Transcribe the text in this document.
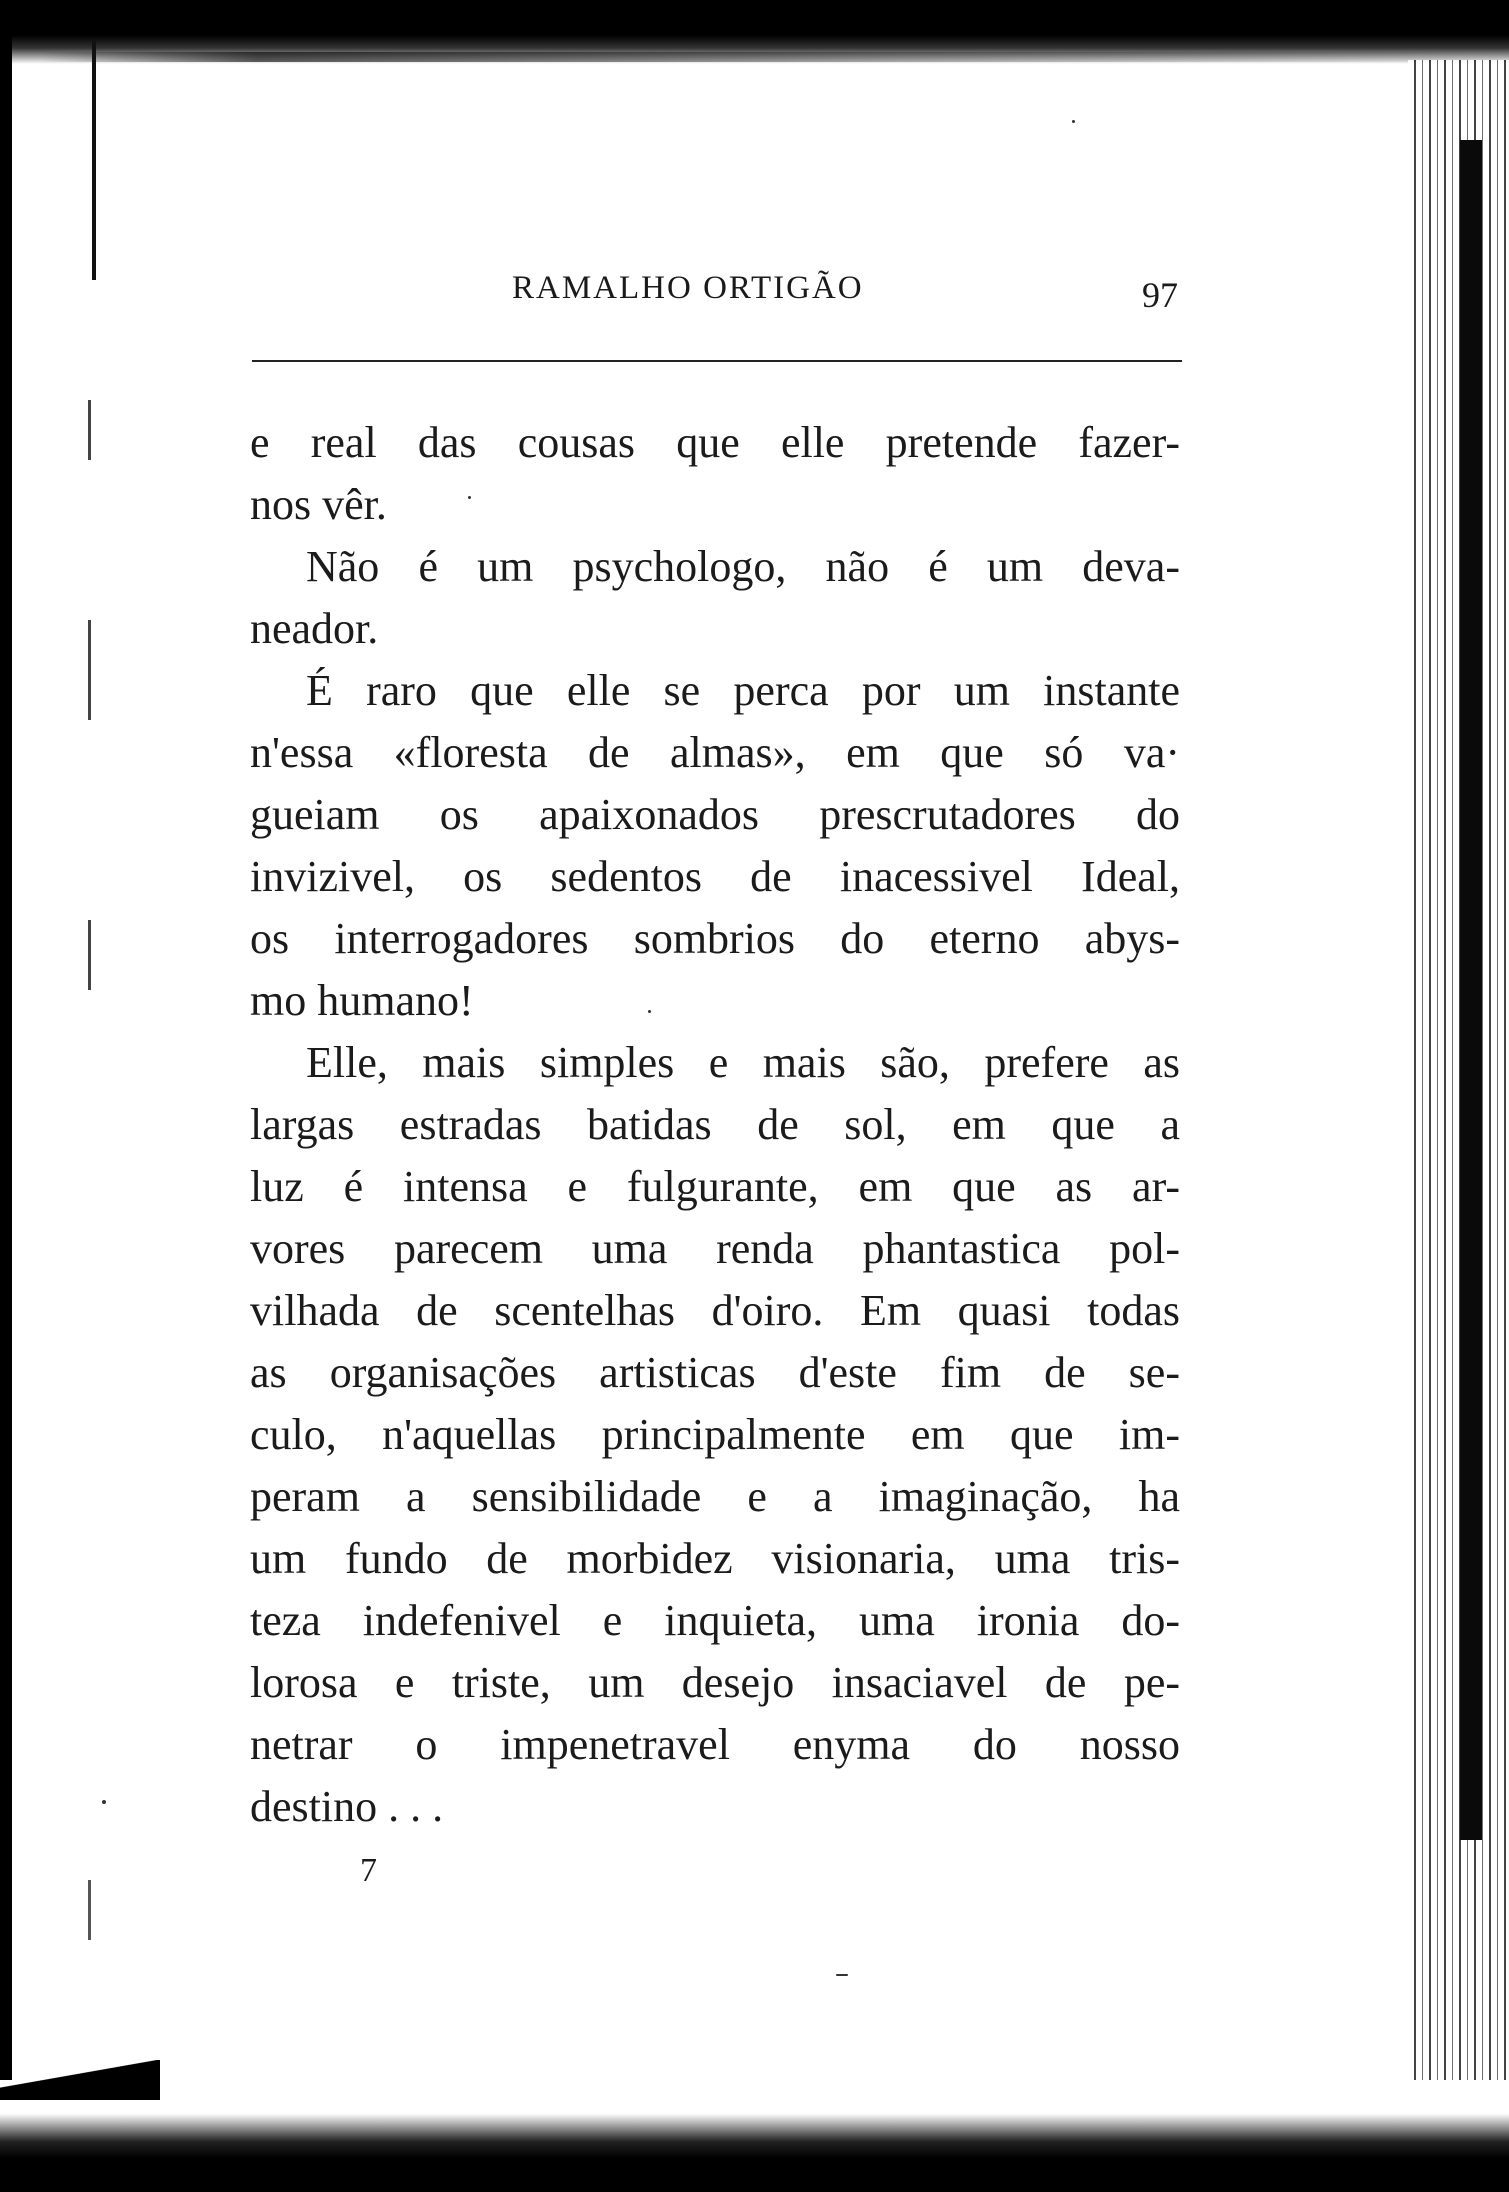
RAMALHO ORTIGÃO	97
e real das cousas que elle pretende fazer-
nos vêr.
Não é um psychologo, não é um deva-
neador.
É raro que elle se perca por um instante
n'essa «floresta de almas», em que só va·
gueiam os apaixonados prescrutadores do
invizivel, os sedentos de inacessivel Ideal,
os interrogadores sombrios do eterno abys-
mo humano!
Elle, mais simples e mais são, prefere as
largas estradas batidas de sol, em que a
luz é intensa e fulgurante, em que as ar-
vores parecem uma renda phantastica pol-
vilhada de scentelhas d'oiro. Em quasi todas
as organisações artisticas d'este fim de se-
culo, n'aquellas principalmente em que im-
peram a sensibilidade e a imaginação, ha
um fundo de morbidez visionaria, uma tris-
teza indefenivel e inquieta, uma ironia do-
lorosa e triste, um desejo insaciavel de pe-
netrar o impenetravel enyma do nosso
destino . . .
7
